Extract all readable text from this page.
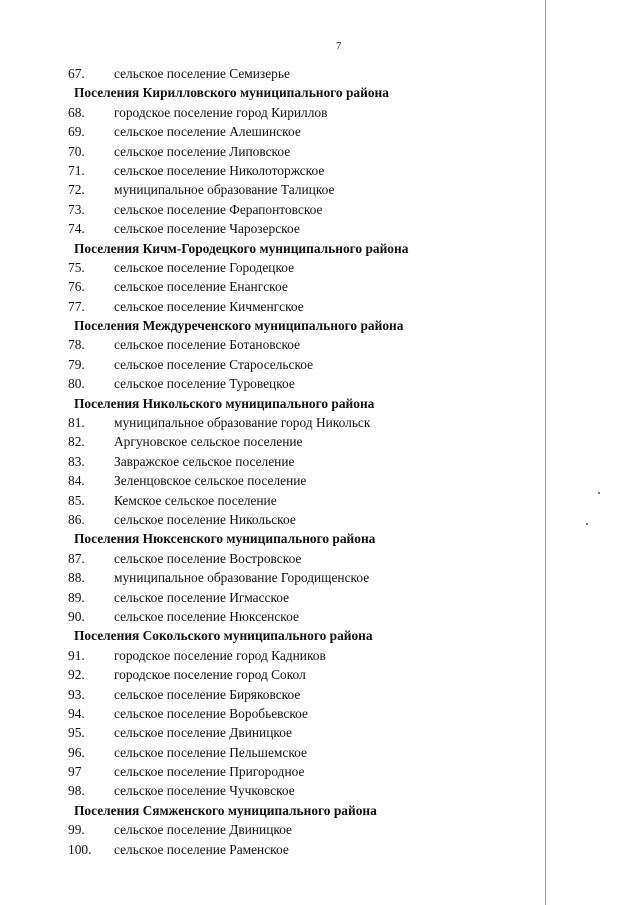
7
67. сельское поселение Семизерье
Поселения Кирилловского муниципального района
68. городское поселение город Кириллов
69. сельское поселение Алешинское
70. сельское поселение Липовское
71. сельское поселение Николоторжское
72. муниципальное образование Талицкое
73. сельское поселение Ферапонтовское
74. сельское поселение Чарозерское
Поселения Кичм-Городецкого муниципального района
75. сельское поселение Городецкое
76. сельское поселение Енангское
77. сельское поселение Кичменгское
Поселения Междуреченского муниципального района
78. сельское поселение Ботановское
79. сельское поселение Старосельское
80. сельское поселение Туровецкое
Поселения Никольского муниципального района
81. муниципальное образование город Никольск
82. Аргуновское сельское поселение
83. Завражское сельское поселение
84. Зеленцовское сельское поселение
85. Кемское сельское поселение
86. сельское поселение Никольское
Поселения Нюксенского муниципального района
87. сельское поселение Востровское
88. муниципальное образование Городищенское
89. сельское поселение Игмасское
90. сельское поселение Нюксенское
Поселения Сокольского муниципального района
91. городское поселение город Кадников
92. городское поселение город Сокол
93. сельское поселение Биряковское
94. сельское поселение Воробьевское
95. сельское поселение Двиницкое
96. сельское поселение Пельшемское
97 сельское поселение Пригородное
98. сельское поселение Чучковское
Поселения Сямженского муниципального района
99. сельское поселение Двиницкое
100. сельское поселение Раменское
